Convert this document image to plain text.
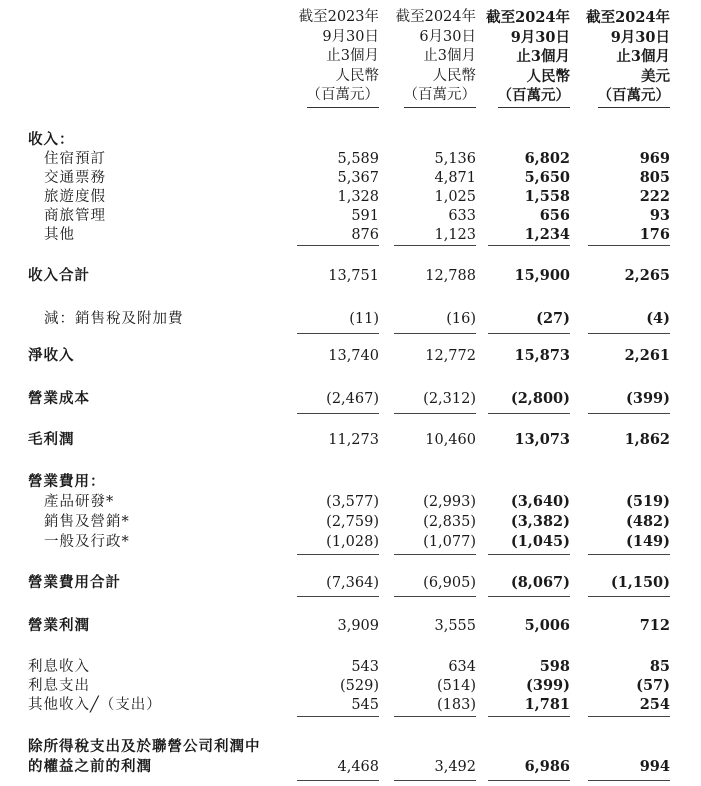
截至2023年
9月30日
止3個月
人民幣
（百萬元）
截至2024年
6月30日
止3個月
人民幣
（百萬元）
截至2024年
9月30日
止3個月
人民幣
（百萬元）
截至2024年
9月30日
止3個月
美元
（百萬元）
收入：
住宿預訂	5,589	5,136	6,802	969
交通票務	5,367	4,871	5,650	805
旅遊度假	1,328	1,025	1,558	222
商旅管理	591	633	656	93
其他	876	1,123	1,234	176
收入合計	13,751	12,788	15,900	2,265
減：銷售稅及附加費	(11)	(16)	(27)	(4)
淨收入	13,740	12,772	15,873	2,261
營業成本	(2,467)	(2,312)	(2,800)	(399)
毛利潤	11,273	10,460	13,073	1,862
營業費用：
產品研發*	(3,577)	(2,993)	(3,640)	(519)
銷售及營銷*	(2,759)	(2,835)	(3,382)	(482)
一般及行政*	(1,028)	(1,077)	(1,045)	(149)
營業費用合計	(7,364)	(6,905)	(8,067)	(1,150)
營業利潤	3,909	3,555	5,006	712
利息收入	543	634	598	85
利息支出	(529)	(514)	(399)	(57)
其他收入╱（支出）	545	(183)	1,781	254
除所得稅支出及於聯營公司利潤中
的權益之前的利潤	4,468	3,492	6,986	994
